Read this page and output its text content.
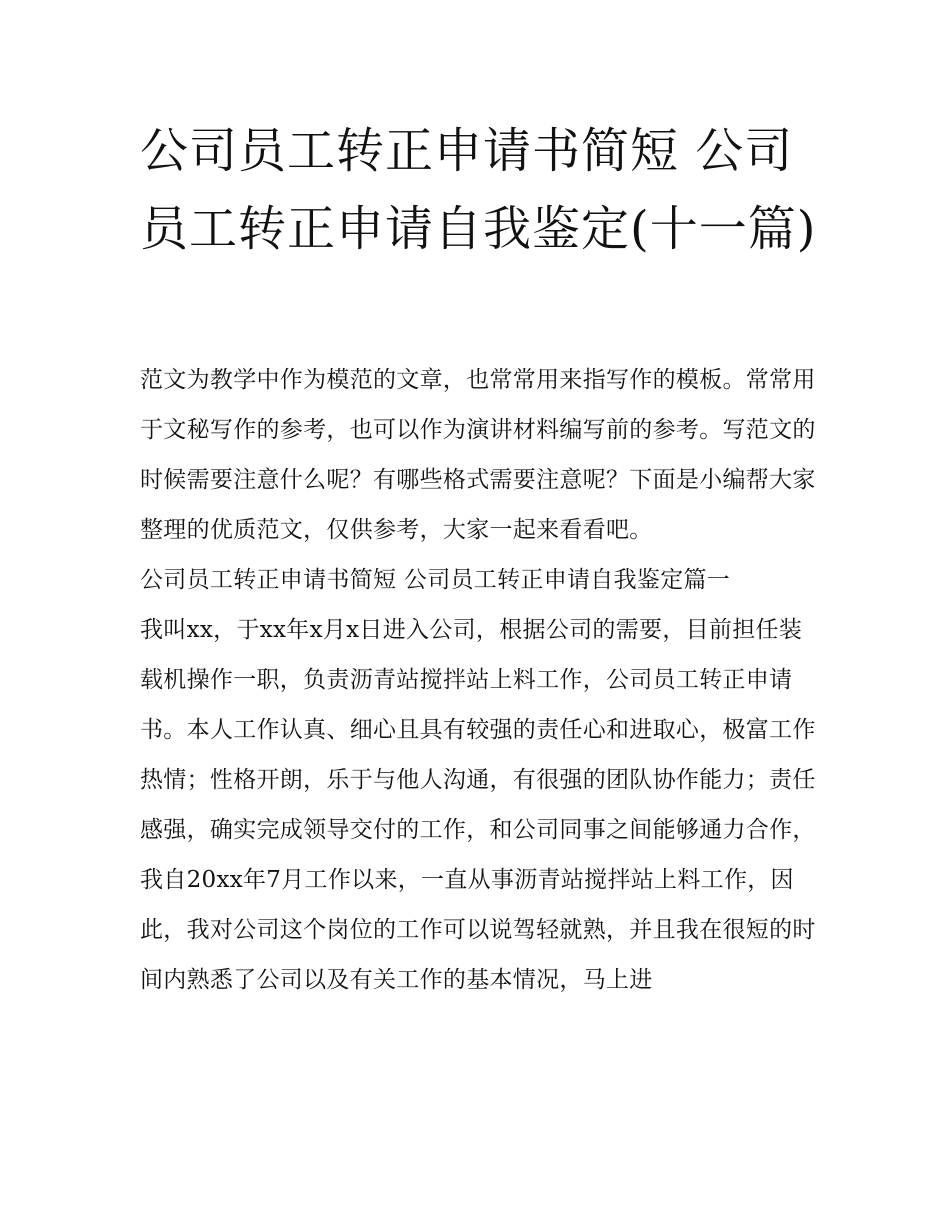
公司员工转正申请书简短 公司员工转正申请自我鉴定(十一篇)

范文为教学中作为模范的文章，也常常用来指写作的模板。常常用于文秘写作的参考，也可以作为演讲材料编写前的参考。写范文的时候需要注意什么呢？有哪些格式需要注意呢？下面是小编帮大家整理的优质范文，仅供参考，大家一起来看看吧。

公司员工转正申请书简短 公司员工转正申请自我鉴定篇一

我叫xx，于xx年x月x日进入公司，根据公司的需要，目前担任装载机操作一职，负责沥青站搅拌站上料工作，公司员工转正申请书。本人工作认真、细心且具有较强的责任心和进取心，极富工作热情；性格开朗，乐于与他人沟通，有很强的团队协作能力；责任感强，确实完成领导交付的工作，和公司同事之间能够通力合作，

我自20xx年7月工作以来，一直从事沥青站搅拌站上料工作，因此，我对公司这个岗位的工作可以说驾轻就熟，并且我在很短的时间内熟悉了公司以及有关工作的基本情况，马上进
